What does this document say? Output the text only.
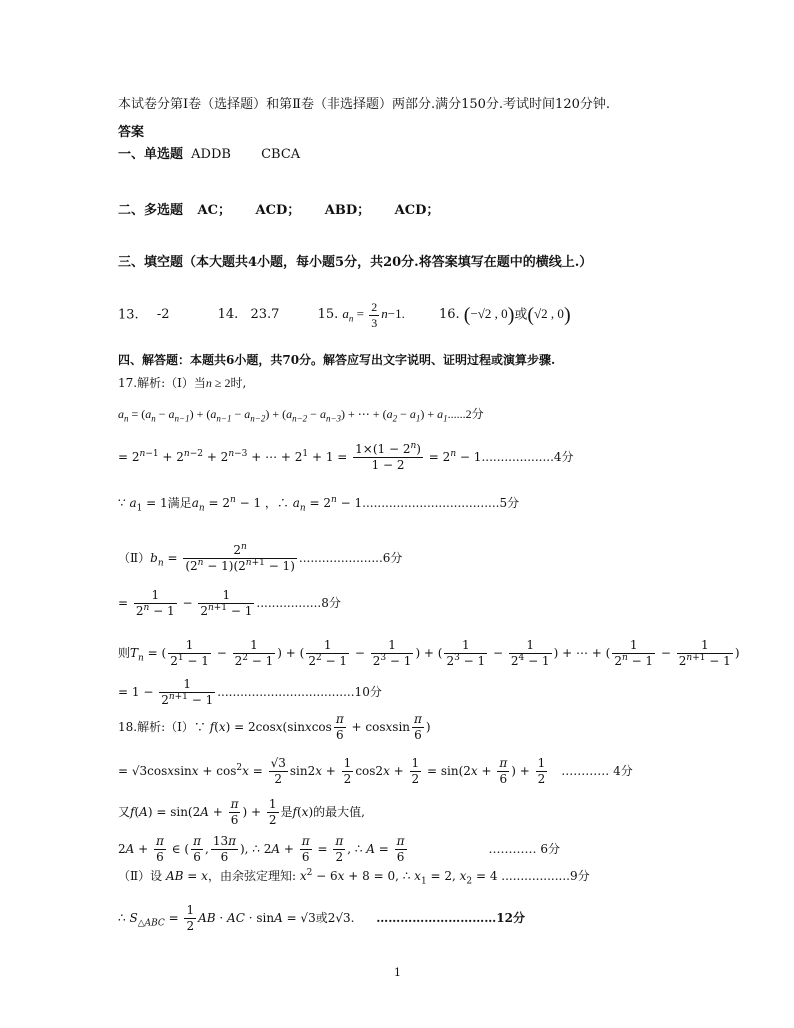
本试卷分第Ⅰ卷（选择题）和第Ⅱ卷（非选择题）两部分.满分150分.考试时间120分钟.
答案
一、单选题 ADDB CBCA
二、多选题 AC； ACD； ABD； ACD；
三、填空题（本大题共4小题，每小题5分，共20分.将答案填写在题中的横线上.）
13. -2	14. 23.7	15. $a_n = \frac{2}{3} n-1$.	16. (−√2 , 0)或(√2 , 0)
四、解答题：本题共6小题，共70分。解答应写出文字说明、证明过程或演算步骤.
17.解析:（Ⅰ）当n ≥ 2时,
$a_n = (a_n - a_{n-1}) + (a_{n-1} - a_{n-2}) + (a_{n-2} - a_{n-3})$ + ⋯ + $(a_2 - a_1) + a_1......2$分
= $2^{n-1} + 2^{n-2} + 2^{n-3}$ + ⋯ + $2^1 + 1 = \frac{1\times(1 - 2^n)}{1 - 2} = 2^n - 1...................4$分
∵ $a_1 = 1$满足$a_n = 2^n - 1$ ，∴ $a_n = 2^n - 1....................................5$分
$(Ⅱ)b_n = \frac{2^n}{(2^n - 1)(2^{n+1} - 1)} ......................6$分
= $\frac{1}{2^n - 1} - \frac{1}{2^{n+1} - 1} .................8$分
则$T_n$ = ( $\frac{1}{2^1 - 1} - \frac{1}{2^2 - 1}$ ) + ( $\frac{1}{2^2 - 1} - \frac{1}{2^3 - 1}$ ) + ( $\frac{1}{2^3 - 1} - \frac{1}{2^4 - 1}$ ) + ⋯ + ( $\frac{1}{2^n - 1} - \frac{1}{2^{n+1} - 1}$ )
= $1 - \frac{1}{2^{n+1} - 1} ....................................10$分
18.解析:（Ⅰ）∵ f(x) = 2cosx(sinxcos $\frac{\pi}{6}$ + cosxsin $\frac{\pi}{6}$ )
= √3cosxsinx + $\cos^2x = \frac{√3}{2} \sin 2x + \frac{1}{2} \cos 2x + \frac{1}{2} = \sin(2x + \frac{\pi}{6}$ ) + $\frac{1}{2}$ ………… 4分
又$f(A) = \sin(2A + \frac{\pi}{6}$ ) + $\frac{1}{2}$ 是f(x)的最大值,
$2A + \frac{\pi}{6}$ ∈ ( $\frac{\pi}{6}$ , $\frac{13\pi}{6}$ ), ∴ $2A + \frac{\pi}{6} = \frac{\pi}{2}$ , ∴ $A = \frac{\pi}{6}$	………… 6分
（Ⅱ）设 AB = x，由余弦定理知: $x^2 - 6x + 8 = 0$, ∴ $x_1 = 2$, $x_2 = 4$ ..................9分
∴ $S_{\triangle ABC} = \frac{1}{2}$ AB · AC · sinA = √3或2√3. …………………………12分
1
